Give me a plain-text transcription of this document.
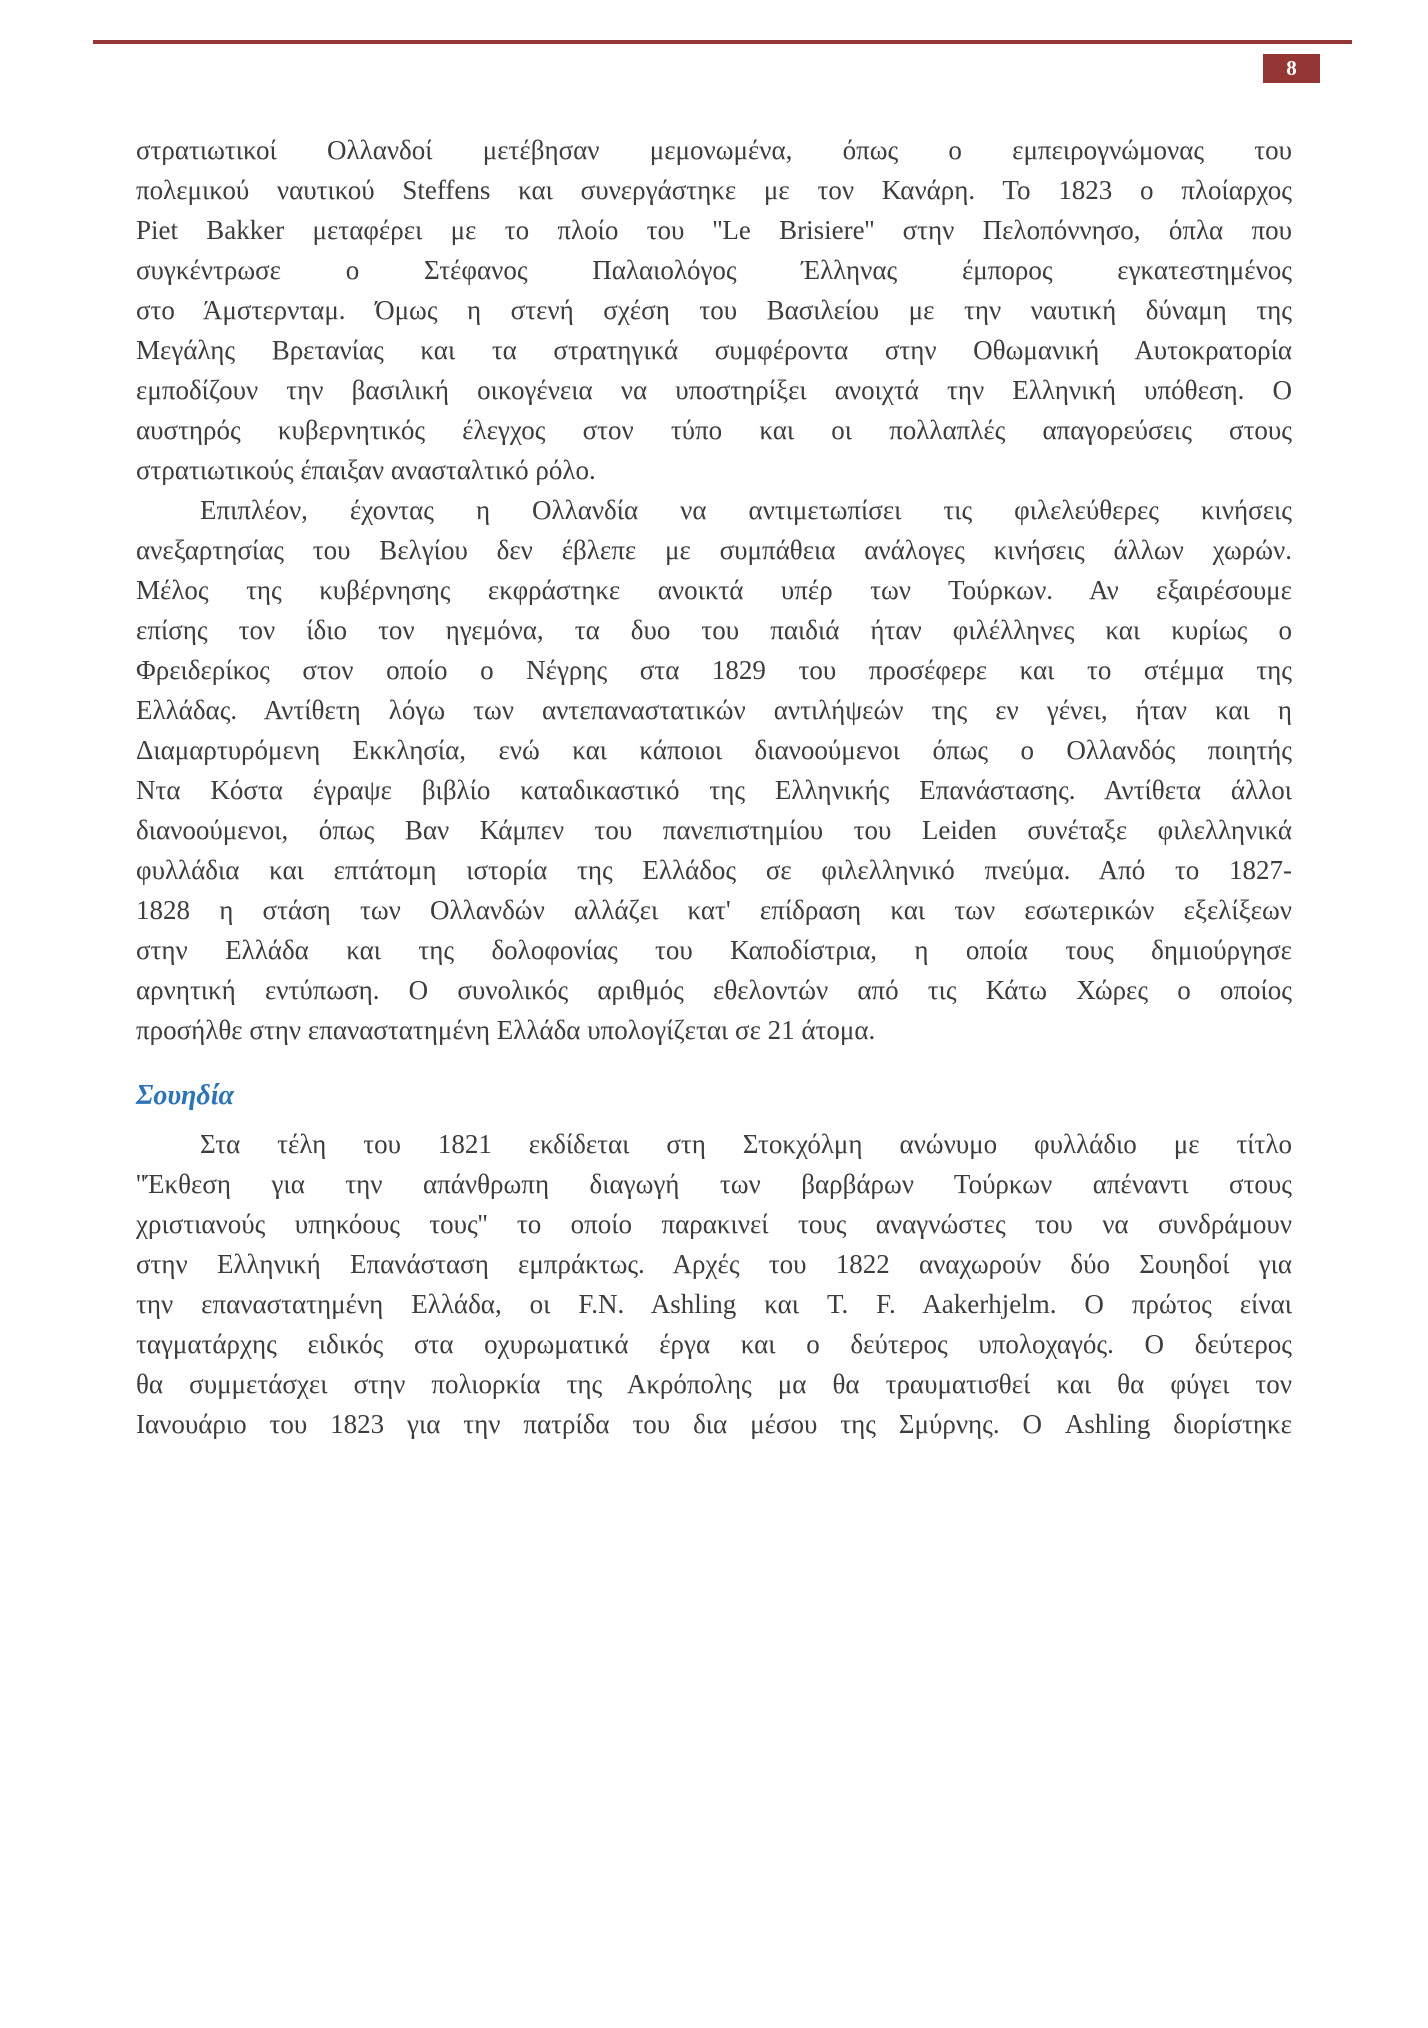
8
στρατιωτικοί Ολλανδοί μετέβησαν μεμονωμένα, όπως ο εμπειρογνώμονας του
πολεμικού ναυτικού Steffens και συνεργάστηκε με τον Κανάρη. Το 1823 ο πλοίαρχος
Piet Bakker μεταφέρει με το πλοίο του ''Le Brisiere'' στην Πελοπόννησο, όπλα που
συγκέντρωσε ο Στέφανος Παλαιολόγος Έλληνας έμπορος εγκατεστημένος
στο Άμστερνταμ. Όμως η στενή σχέση του Βασιλείου με την ναυτική δύναμη της
Μεγάλης Βρετανίας και τα στρατηγικά συμφέροντα στην Οθωμανική Αυτοκρατορία
εμποδίζουν την βασιλική οικογένεια να υποστηρίξει ανοιχτά την Ελληνική υπόθεση. Ο
αυστηρός κυβερνητικός έλεγχος στον τύπο και οι πολλαπλές απαγορεύσεις στους
στρατιωτικούς έπαιξαν ανασταλτικό ρόλο.
Επιπλέον, έχοντας η Ολλανδία να αντιμετωπίσει τις φιλελεύθερες κινήσεις
ανεξαρτησίας του Βελγίου δεν έβλεπε με συμπάθεια ανάλογες κινήσεις άλλων χωρών.
Μέλος της κυβέρνησης εκφράστηκε ανοικτά υπέρ των Τούρκων. Αν εξαιρέσουμε
επίσης τον ίδιο τον ηγεμόνα, τα δυο του παιδιά ήταν φιλέλληνες και κυρίως ο
Φρειδερίκος στον οποίο ο Νέγρης στα 1829 του προσέφερε και το στέμμα της
Ελλάδας. Αντίθετη λόγω των αντεπαναστατικών αντιλήψεών της εν γένει, ήταν και η
Διαμαρτυρόμενη Εκκλησία, ενώ και κάποιοι διανοούμενοι όπως ο Ολλανδός ποιητής
Ντα Κόστα έγραψε βιβλίο καταδικαστικό της Ελληνικής Επανάστασης. Αντίθετα άλλοι
διανοούμενοι, όπως Βαν Κάμπεν του πανεπιστημίου του Leiden συνέταξε φιλελληνικά
φυλλάδια και επτάτομη ιστορία της Ελλάδος σε φιλελληνικό πνεύμα. Από το 1827-
1828 η στάση των Ολλανδών αλλάζει κατ' επίδραση και των εσωτερικών εξελίξεων
στην Ελλάδα και της δολοφονίας του Καποδίστρια, η οποία τους δημιούργησε
αρνητική εντύπωση. Ο συνολικός αριθμός εθελοντών από τις Κάτω Χώρες ο οποίος
προσήλθε στην επαναστατημένη Ελλάδα υπολογίζεται σε 21 άτομα.
Σουηδία
Στα τέλη του 1821 εκδίδεται στη Στοκχόλμη ανώνυμο φυλλάδιο με τίτλο
''Έκθεση για την απάνθρωπη διαγωγή των βαρβάρων Τούρκων απέναντι στους
χριστιανούς υπηκόους τους'' το οποίο παρακινεί τους αναγνώστες του να συνδράμουν
στην Ελληνική Επανάσταση εμπράκτως. Αρχές του 1822 αναχωρούν δύο Σουηδοί για
την επαναστατημένη Ελλάδα, οι F.N. Ashling και T. F. Aakerhjelm. Ο πρώτος είναι
ταγματάρχης ειδικός στα οχυρωματικά έργα και ο δεύτερος υπολοχαγός. Ο δεύτερος
θα συμμετάσχει στην πολιορκία της Ακρόπολης μα θα τραυματισθεί και θα φύγει τον
Ιανουάριο του 1823 για την πατρίδα του δια μέσου της Σμύρνης. Ο Ashling διορίστηκε
